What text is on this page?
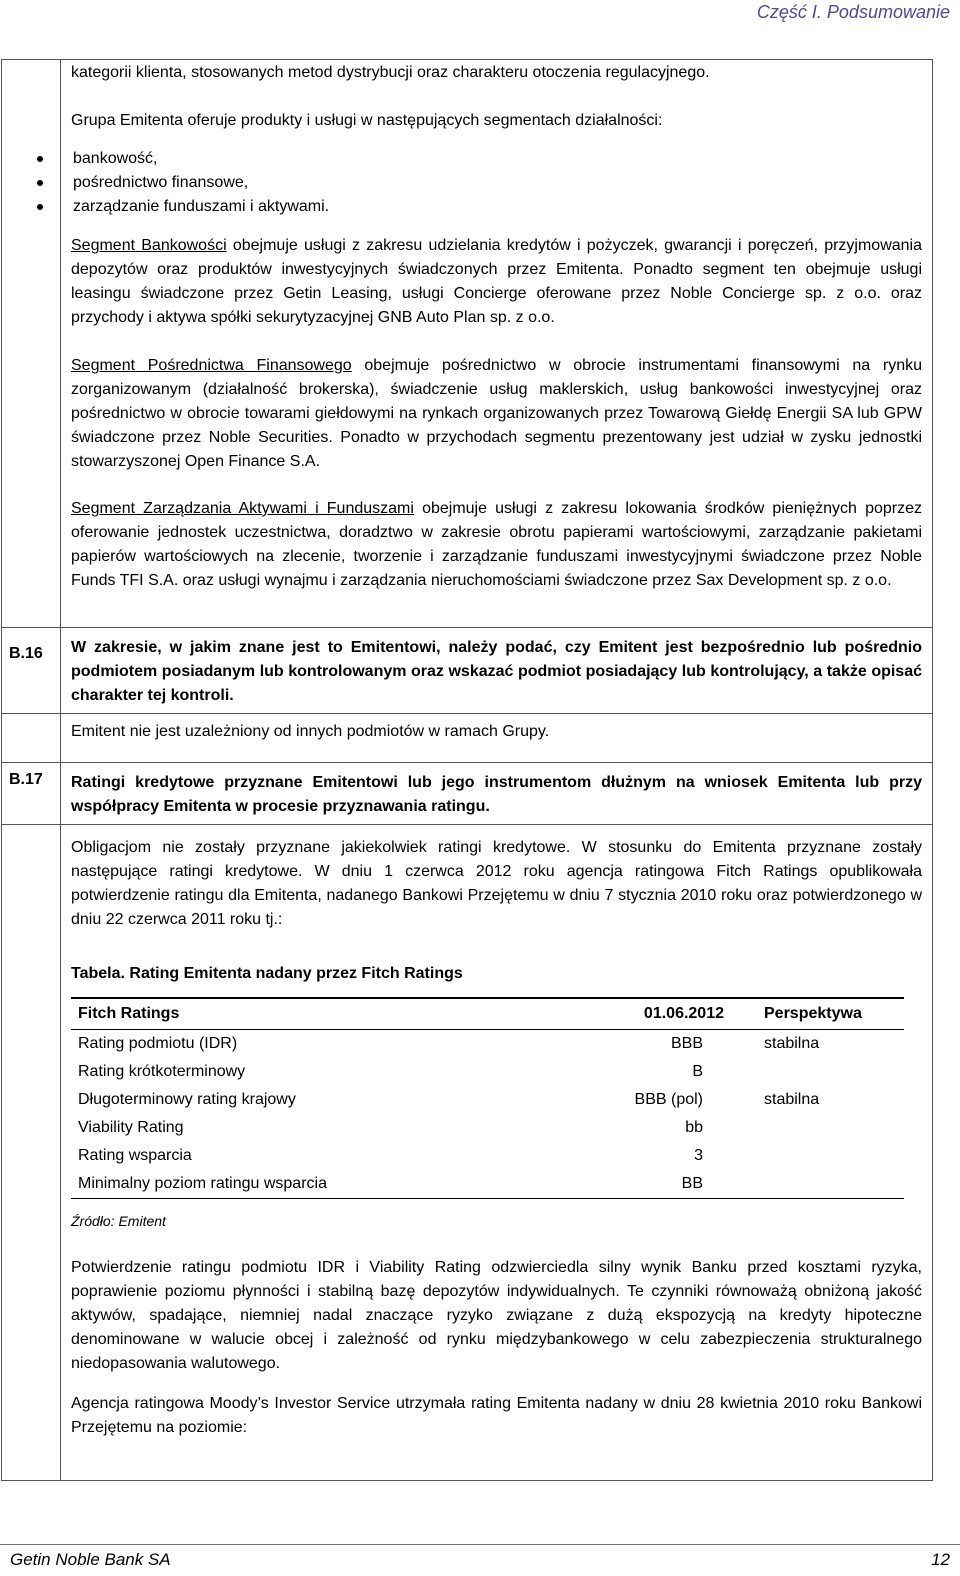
Część I. Podsumowanie
kategorii klienta, stosowanych metod dystrybucji oraz charakteru otoczenia regulacyjnego.
Grupa Emitenta oferuje produkty i usługi w następujących segmentach działalności:
bankowość,
pośrednictwo finansowe,
zarządzanie funduszami i aktywami.
Segment Bankowości obejmuje usługi z zakresu udzielania kredytów i pożyczek, gwarancji i poręczeń, przyjmowania depozytów oraz produktów inwestycyjnych świadczonych przez Emitenta. Ponadto segment ten obejmuje usługi leasingu świadczone przez Getin Leasing, usługi Concierge oferowane przez Noble Concierge sp. z o.o. oraz przychody i aktywa spółki sekurytyzacyjnej GNB Auto Plan sp. z o.o.
Segment Pośrednictwa Finansowego obejmuje pośrednictwo w obrocie instrumentami finansowymi na rynku zorganizowanym (działalność brokerska), świadczenie usług maklerskich, usług bankowości inwestycyjnej oraz pośrednictwo w obrocie towarami giełdowymi na rynkach organizowanych przez Towarową Giełdę Energii SA lub GPW świadczone przez Noble Securities. Ponadto w przychodach segmentu prezentowany jest udział w zysku jednostki stowarzyszonej Open Finance S.A.
Segment Zarządzania Aktywami i Funduszami obejmuje usługi z zakresu lokowania środków pieniężnych poprzez oferowanie jednostek uczestnictwa, doradztwo w zakresie obrotu papierami wartościowymi, zarządzanie pakietami papierów wartościowych na zlecenie, tworzenie i zarządzanie funduszami inwestycyjnymi świadczone przez Noble Funds TFI S.A. oraz usługi wynajmu i zarządzania nieruchomościami świadczone przez Sax Development sp. z o.o.
B.16 W zakresie, w jakim znane jest to Emitentowi, należy podać, czy Emitent jest bezpośrednio lub pośrednio podmiotem posiadanym lub kontrolowanym oraz wskazać podmiot posiadający lub kontrolujący, a także opisać charakter tej kontroli.
Emitent nie jest uzależniony od innych podmiotów w ramach Grupy.
B.17 Ratingi kredytowe przyznane Emitentowi lub jego instrumentom dłużnym na wniosek Emitenta lub przy współpracy Emitenta w procesie przyznawania ratingu.
Obligacjom nie zostały przyznane jakiekolwiek ratingi kredytowe. W stosunku do Emitenta przyznane zostały następujące ratingi kredytowe. W dniu 1 czerwca 2012 roku agencja ratingowa Fitch Ratings opublikowała potwierdzenie ratingu dla Emitenta, nadanego Bankowi Przejętemu w dniu 7 stycznia 2010 roku oraz potwierdzonego w dniu 22 czerwca 2011 roku tj.:
Tabela. Rating Emitenta nadany przez Fitch Ratings
Fitch Ratings	01.06.2012	Perspektywa
Rating podmiotu (IDR)	BBB	stabilna
Rating krótkoterminowy	B	
Długoterminowy rating krajowy	BBB (pol)	stabilna
Viability Rating	bb	
Rating wsparcia	3	
Minimalny poziom ratingu wsparcia	BB	
Źródło: Emitent
Potwierdzenie ratingu podmiotu IDR i Viability Rating odzwierciedla silny wynik Banku przed kosztami ryzyka, poprawienie poziomu płynności i stabilną bazę depozytów indywidualnych. Te czynniki równoważą obniżoną jakość aktywów, spadające, niemniej nadal znaczące ryzyko związane z dużą ekspozycją na kredyty hipoteczne denominowane w walucie obcej i zależność od rynku międzybankowego w celu zabezpieczenia strukturalnego niedopasowania walutowego.
Agencja ratingowa Moody’s Investor Service utrzymała rating Emitenta nadany w dniu 28 kwietnia 2010 roku Bankowi Przejętemu na poziomie:
Getin Noble Bank SA	12
